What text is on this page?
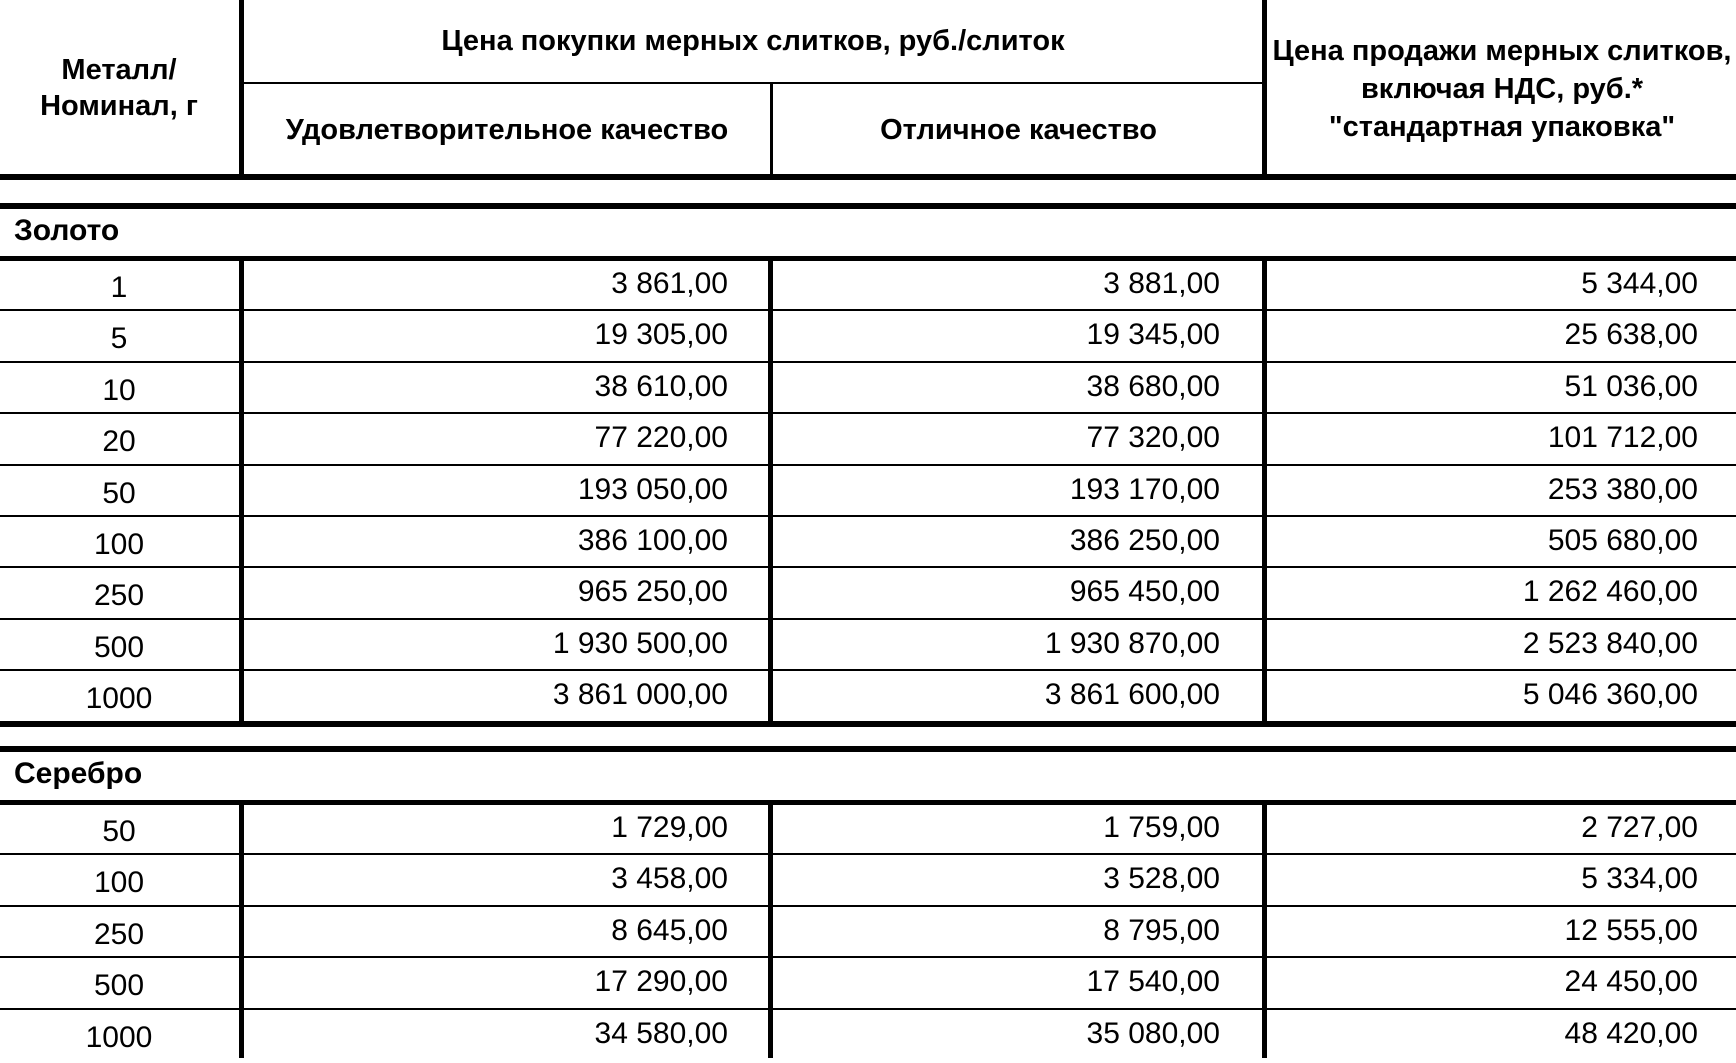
Металл/
Номинал, г
Цена покупки мерных слитков, руб./слиток
Удовлетворительное качество	Отличное качество
Цена продажи мерных слитков, включая НДС, руб.* "стандартная упаковка"
Золото
1	3 861,00	3 881,00	5 344,00
5	19 305,00	19 345,00	25 638,00
10	38 610,00	38 680,00	51 036,00
20	77 220,00	77 320,00	101 712,00
50	193 050,00	193 170,00	253 380,00
100	386 100,00	386 250,00	505 680,00
250	965 250,00	965 450,00	1 262 460,00
500	1 930 500,00	1 930 870,00	2 523 840,00
1000	3 861 000,00	3 861 600,00	5 046 360,00
Серебро
50	1 729,00	1 759,00	2 727,00
100	3 458,00	3 528,00	5 334,00
250	8 645,00	8 795,00	12 555,00
500	17 290,00	17 540,00	24 450,00
1000	34 580,00	35 080,00	48 420,00
